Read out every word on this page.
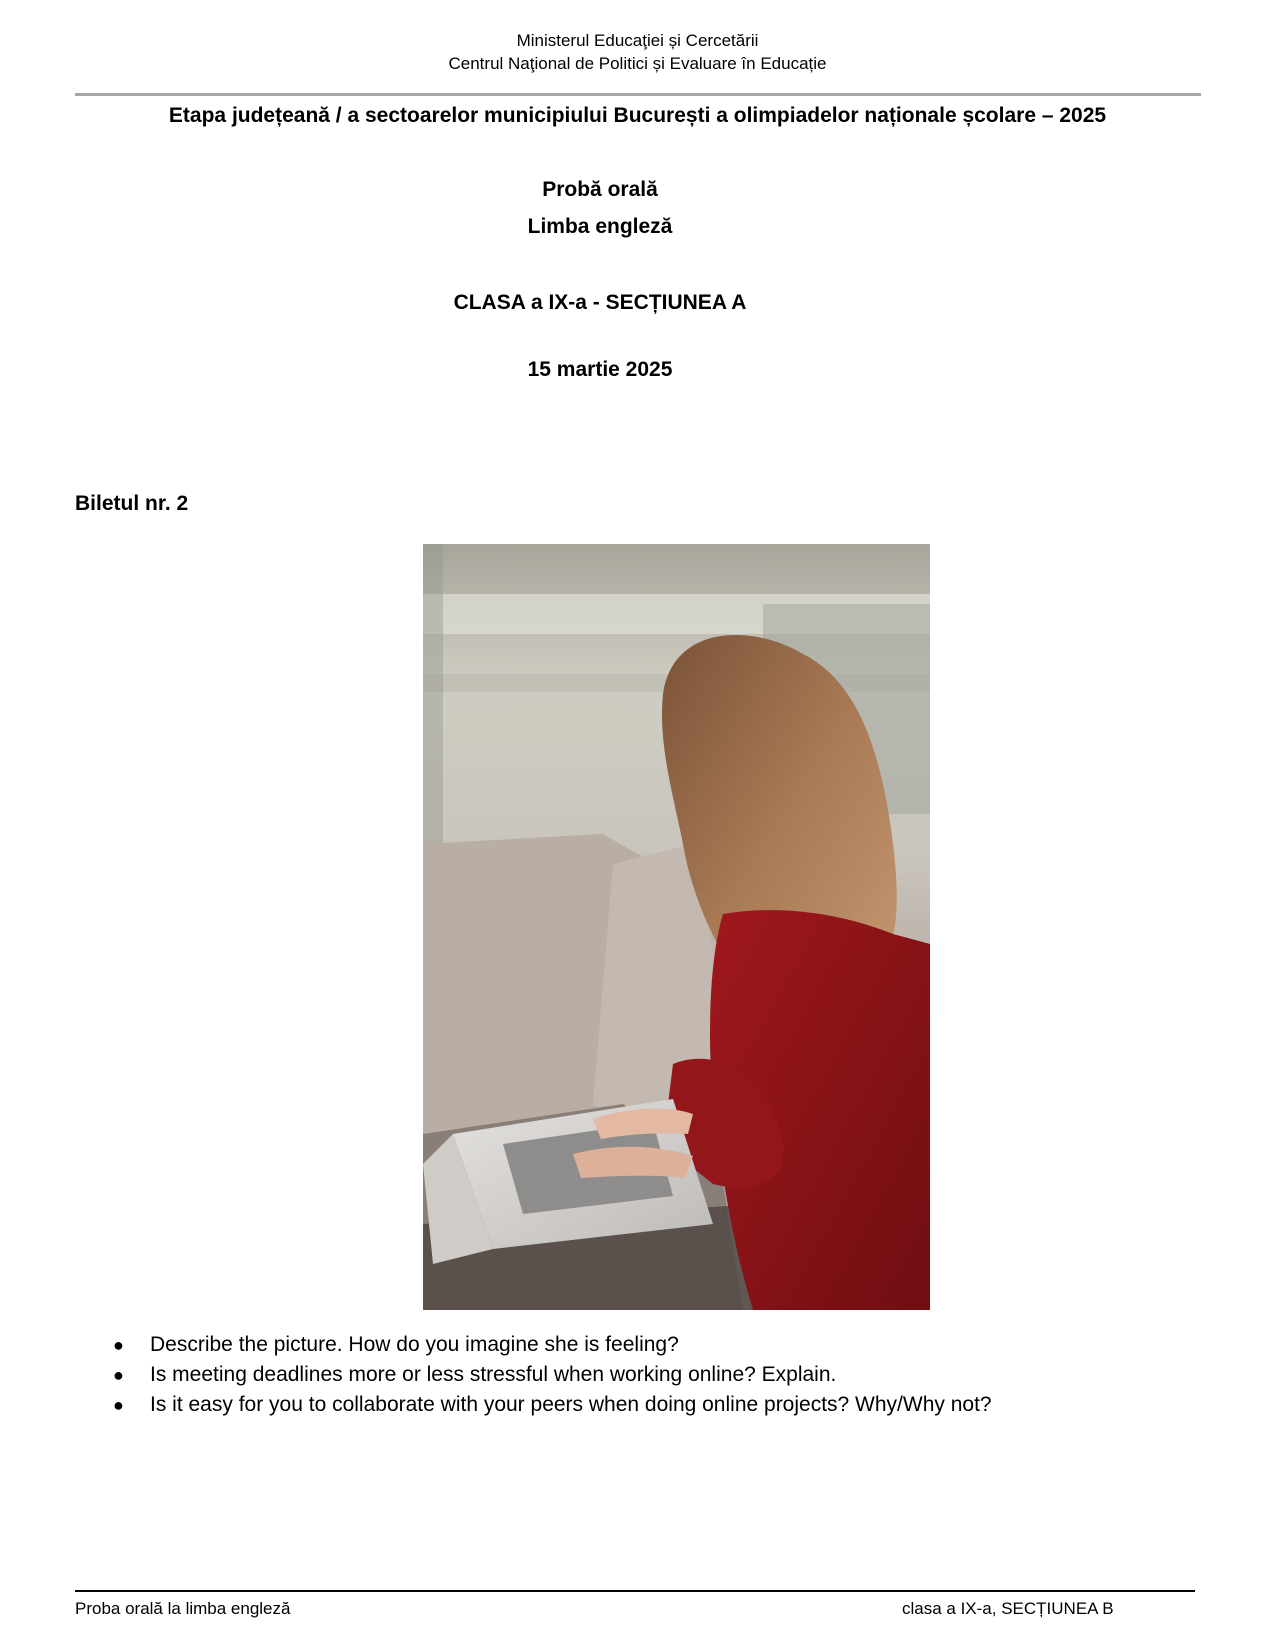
Ministerul Educaţiei și Cercetării
Centrul Naţional de Politici și Evaluare în Educație
Etapa județeană / a sectoarelor municipiului București a olimpiadelor naționale școlare – 2025
Probă orală
Limba engleză
CLASA a IX-a - SECȚIUNEA A
15 martie 2025
Biletul nr. 2
● Describe the picture. How do you imagine she is feeling?
● Is meeting deadlines more or less stressful when working online? Explain.
● Is it easy for you to collaborate with your peers when doing online projects? Why/Why not?
Proba orală la limba engleză	clasa a IX-a, SECȚIUNEA B
